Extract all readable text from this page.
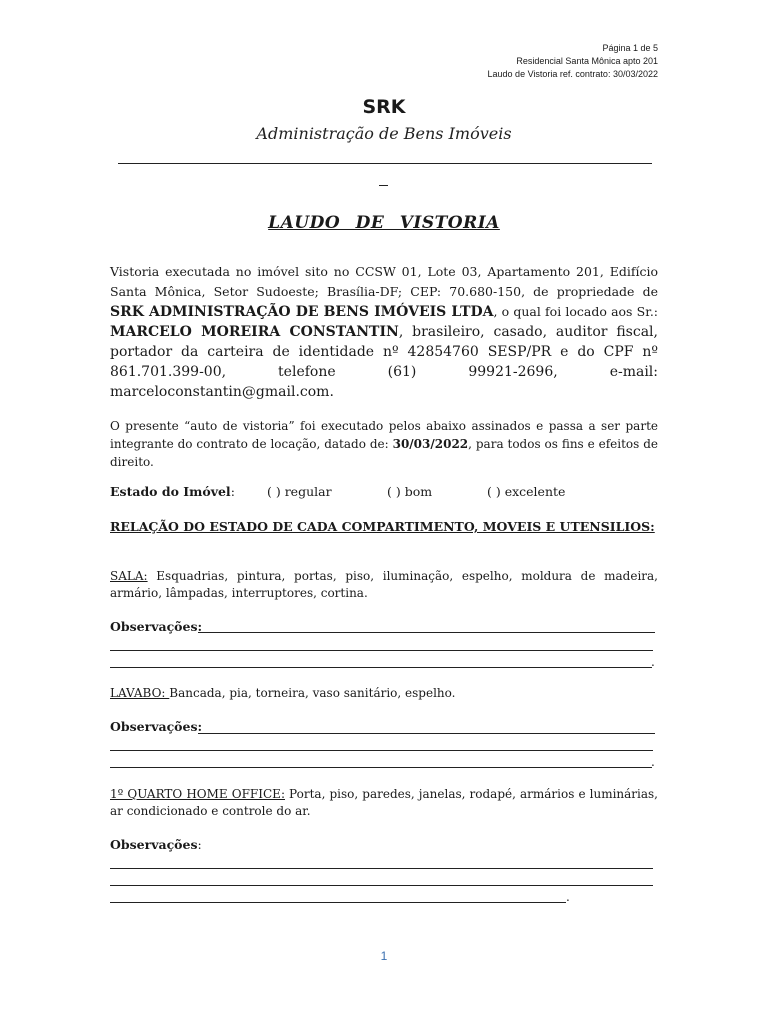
Página 1 de 5
Residencial Santa Mônica apto 201
Laudo de Vistoria ref. contrato: 30/03/2022
SRK
Administração de Bens Imóveis
LAUDO DE VISTORIA
Vistoria executada no imóvel sito no CCSW 01, Lote 03, Apartamento 201, Edifício Santa Mônica, Setor Sudoeste; Brasília-DF; CEP: 70.680-150, de propriedade de SRK ADMINISTRAÇÃO DE BENS IMÓVEIS LTDA, o qual foi locado aos Sr.: MARCELO MOREIRA CONSTANTIN, brasileiro, casado, auditor fiscal, portador da carteira de identidade nº 42854760 SESP/PR e do CPF nº 861.701.399-00, telefone (61) 99921-2696, e-mail: marceloconstantin@gmail.com.
O presente “auto de vistoria” foi executado pelos abaixo assinados e passa a ser parte integrante do contrato de locação, datado de: 30/03/2022, para todos os fins e efeitos de direito.
Estado do Imóvel:	( ) regular	( ) bom	( ) excelente
RELAÇÃO DO ESTADO DE CADA COMPARTIMENTO, MOVEIS E UTENSILIOS:
SALA: Esquadrias, pintura, portas, piso, iluminação, espelho, moldura de madeira, armário, lâmpadas, interruptores, cortina.
Observações:
.
LAVABO: Bancada, pia, torneira, vaso sanitário, espelho.
Observações:
.
1º QUARTO HOME OFFICE: Porta, piso, paredes, janelas, rodapé, armários e luminárias, ar condicionado e controle do ar.
Observações:
.
1
